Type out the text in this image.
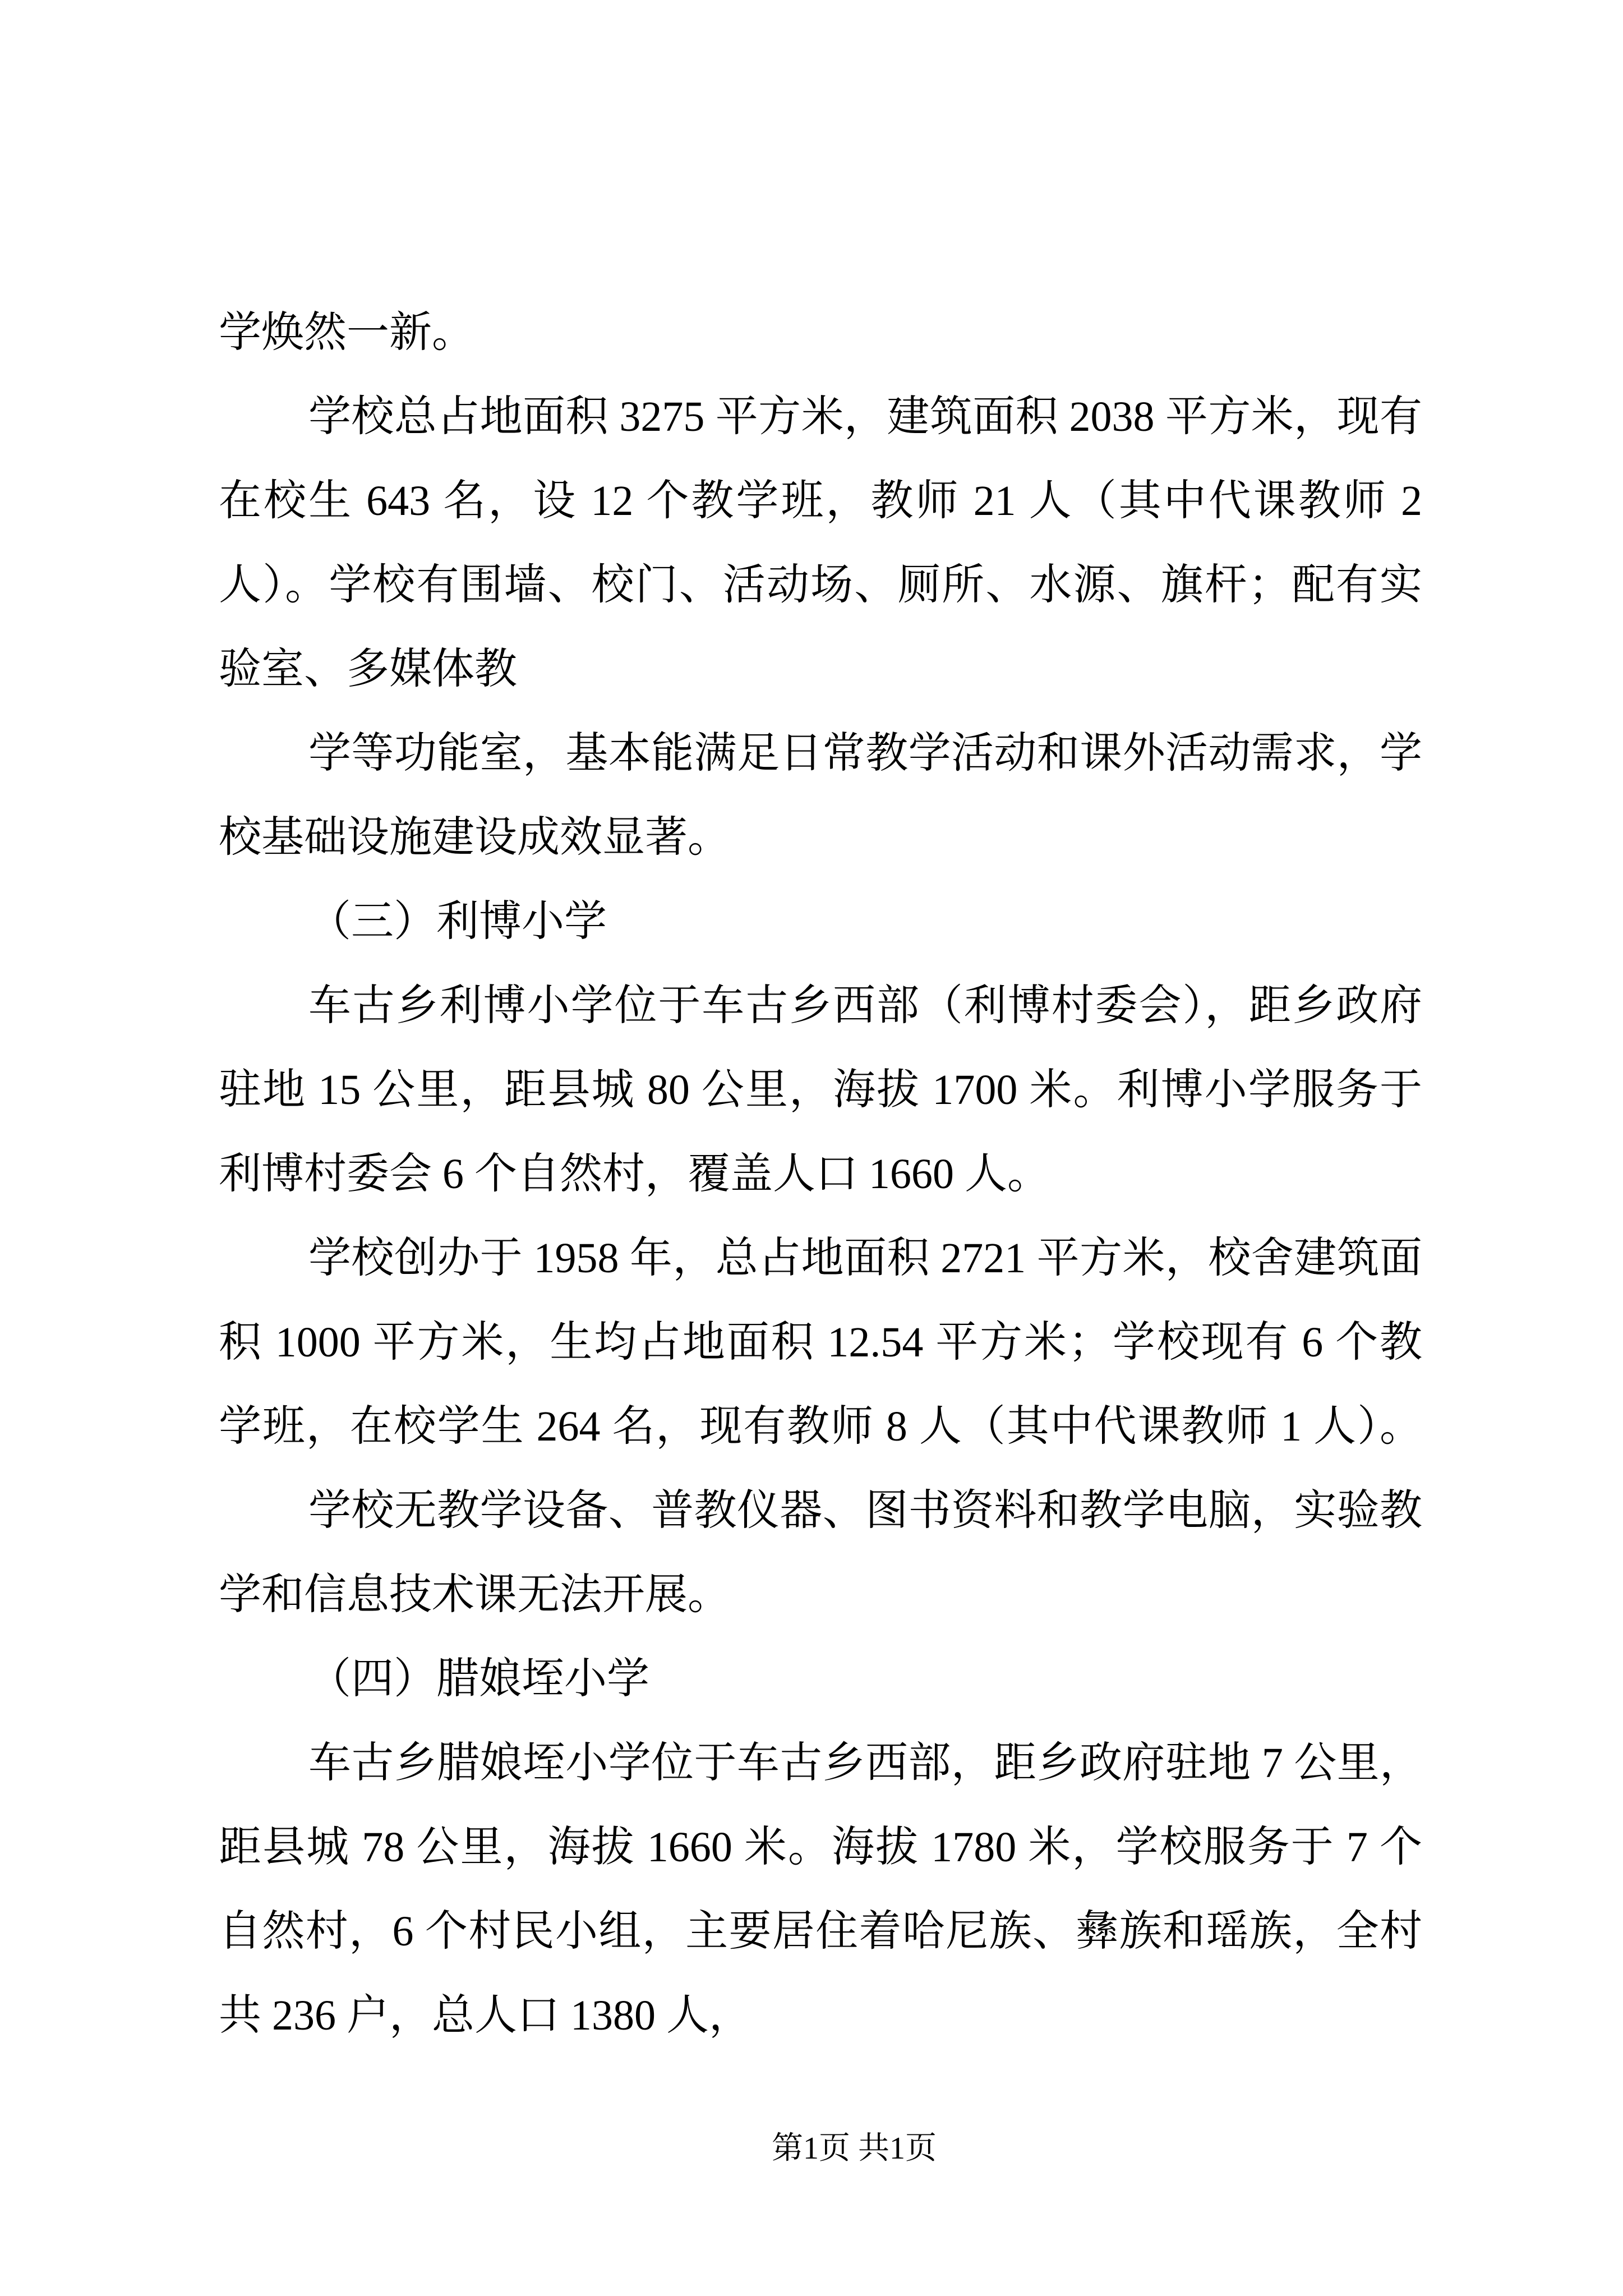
学焕然一新。
学校总占地面积 3275 平方米，建筑面积 2038 平方米，现有
在校生 643 名，设 12 个教学班，教师 21 人（其中代课教师 2
人）。学校有围墙、校门、活动场、厕所、水源、旗杆；配有实
验室、多媒体教
学等功能室，基本能满足日常教学活动和课外活动需求，学
校基础设施建设成效显著。
（三）利博小学
车古乡利博小学位于车古乡西部（利博村委会），距乡政府
驻地 15 公里，距县城 80 公里，海拔 1700 米。利博小学服务于
利博村委会 6 个自然村，覆盖人口 1660 人。
学校创办于 1958 年，总占地面积 2721 平方米，校舍建筑面
积 1000 平方米，生均占地面积 12.54 平方米；学校现有 6 个教
学班，在校学生 264 名，现有教师 8 人（其中代课教师 1 人）。
学校无教学设备、普教仪器、图书资料和教学电脑，实验教
学和信息技术课无法开展。
（四）腊娘垤小学
车古乡腊娘垤小学位于车古乡西部，距乡政府驻地 7 公里，
距县城 78 公里，海拔 1660 米。海拔 1780 米，学校服务于 7 个
自然村，6 个村民小组，主要居住着哈尼族、彝族和瑶族，全村
共 236 户，总人口 1380 人，
第1页 共1页
